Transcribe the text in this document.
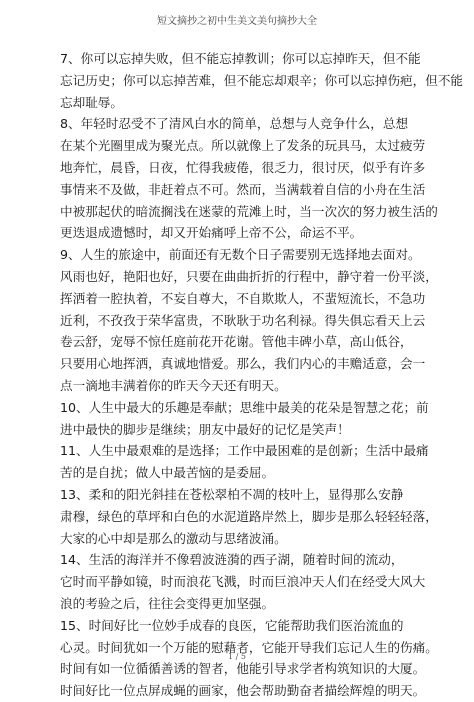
短文摘抄之初中生美文美句摘抄大全

7、你可以忘掉失败，但不能忘掉教训；你可以忘掉昨天，但不能
忘记历史；你可以忘掉苦难，但不能忘却艰辛；你可以忘掉伤疤，但不能
忘却耻辱。

8、年轻时忍受不了清风白水的简单，总想与人竞争什么，总想
在某个光圈里成为聚光点。所以就像上了发条的玩具马，太过疲劳
地奔忙，晨昏，日夜，忙得我疲倦，很乏力，很讨厌，似乎有许多
事情来不及做，非赶着点不可。然而，当满载着自信的小舟在生活
中被那起伏的暗流搁浅在迷蒙的荒滩上时，当一次次的努力被生活的
更迭退成遗憾时，却又开始痛呼上帝不公，命运不平。

9、人生的旅途中，前面还有无数个日子需要别无选择地去面对。
风雨也好，艳阳也好，只要在曲曲折折的行程中，静守着一份平淡，
挥洒着一腔执着，不妄自尊大，不自欺欺人，不蜚短流长，不急功
近利，不孜孜于荣华富贵，不耿耿于功名利禄。得失俱忘看天上云
卷云舒，宠辱不惊任庭前花开花谢。管他丰碑小草，高山低谷，
只要用心地挥洒，真诚地惜爱。那么，我们内心的丰赡适意，会一
点一滴地丰满着你的昨天今天还有明天。

10、人生中最大的乐趣是奉献；思维中最美的花朵是智慧之花；前
进中最快的脚步是继续；朋友中最好的记忆是笑声！

11、人生中最艰难的是选择；工作中最困难的是创新；生活中最痛
苦的是自扰；做人中最苦恼的是委屈。

13、柔和的阳光斜挂在苍松翠柏不凋的枝叶上，显得那么安静
肃穆，绿色的草坪和白色的水泥道路岸然上，脚步是那么轻轻轻落，
大家的心中却是那么的激动与思绪波涌。

14、生活的海洋并不像碧波涟漪的西子湖，随着时间的流动，
它时而平静如镜，时而浪花飞溅，时而巨浪冲天人们在经受大风大
浪的考验之后，往往会变得更加坚强。

15、时间好比一位妙手成春的良医，它能帮助我们医治流血的
心灵。时间犹如一个万能的慰藉者，它能开导我们忘记人生的伤痛。
时间有如一位循循善诱的智者，他能引导求学者构筑知识的大厦。
时间好比一位点屏成蝇的画家，他会帮助勤奋者描绘辉煌的明天。

1 / 5
